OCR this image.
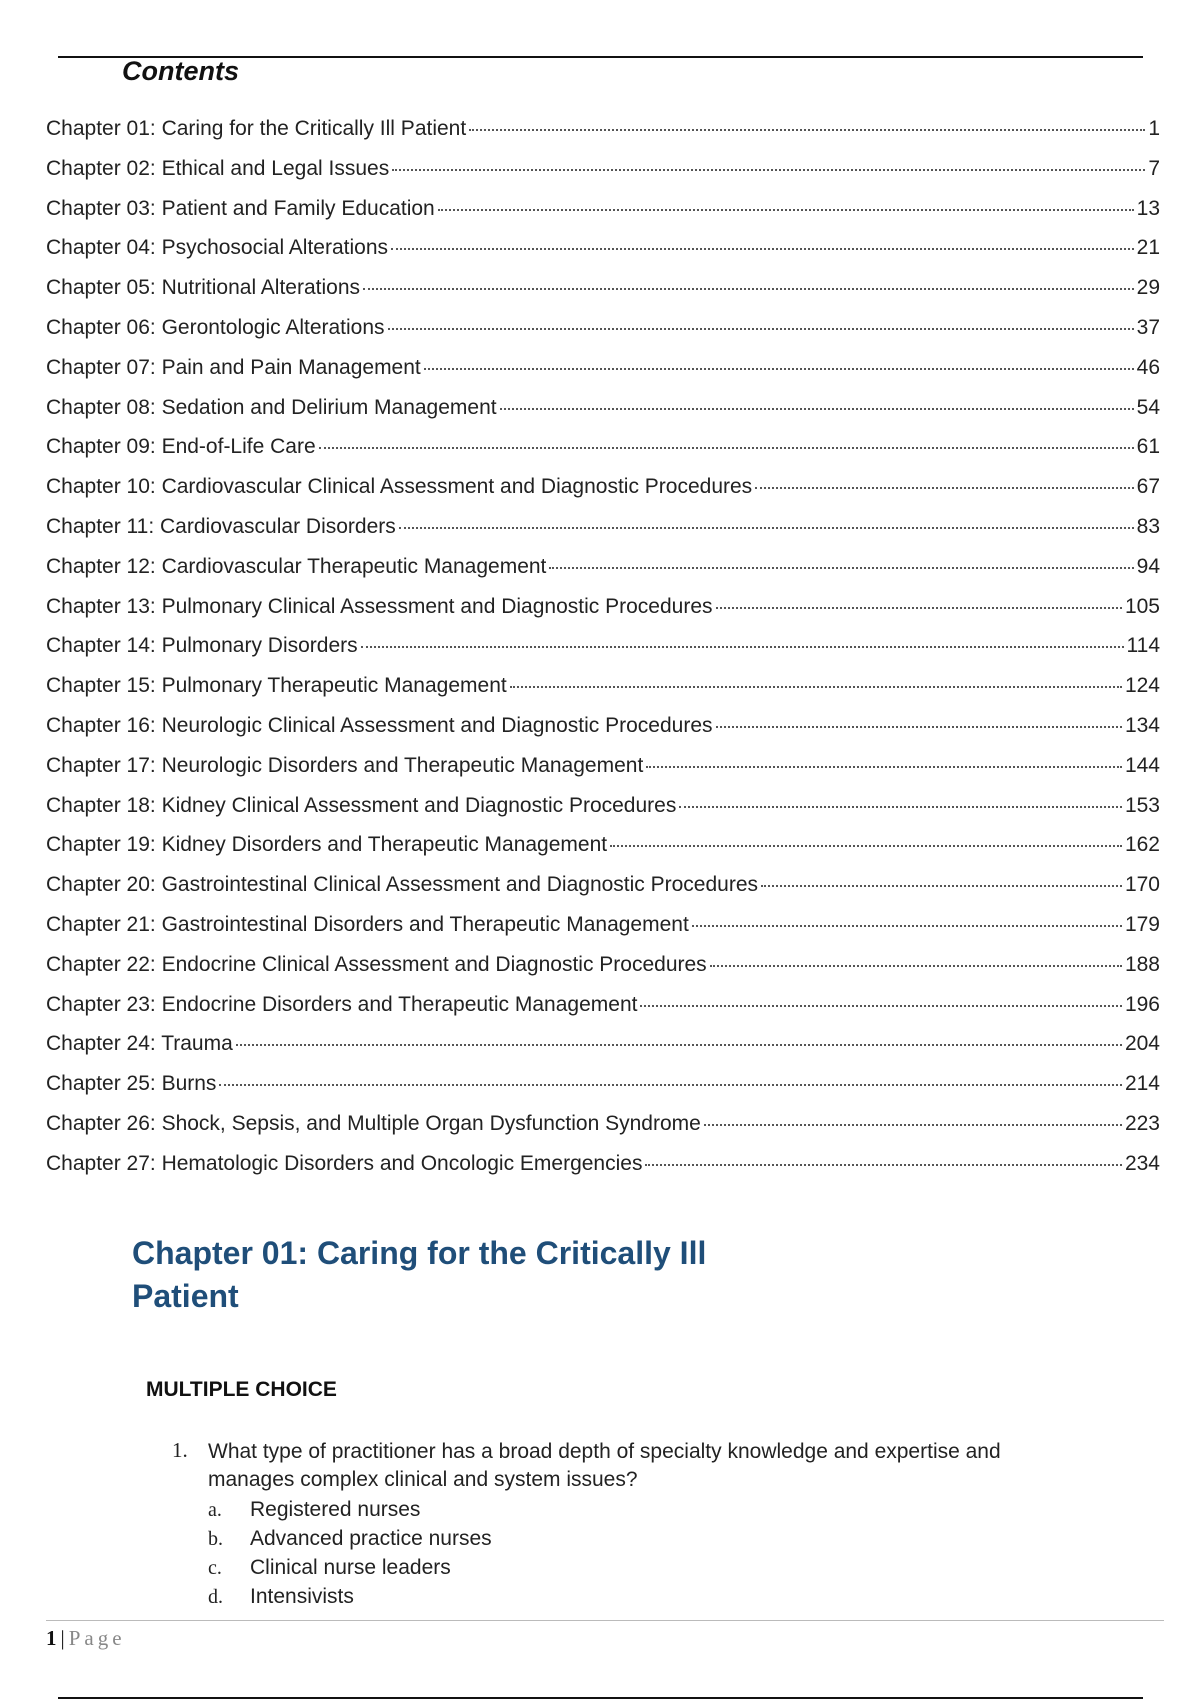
Contents
Chapter 01: Caring for the Critically Ill Patient	1
Chapter 02: Ethical and Legal Issues	7
Chapter 03: Patient and Family Education	13
Chapter 04: Psychosocial Alterations	21
Chapter 05: Nutritional Alterations	29
Chapter 06: Gerontologic Alterations	37
Chapter 07: Pain and Pain Management	46
Chapter 08: Sedation and Delirium Management	54
Chapter 09: End-of-Life Care	61
Chapter 10: Cardiovascular Clinical Assessment and Diagnostic Procedures	67
Chapter 11: Cardiovascular Disorders	83
Chapter 12: Cardiovascular Therapeutic Management	94
Chapter 13: Pulmonary Clinical Assessment and Diagnostic Procedures	105
Chapter 14: Pulmonary Disorders	114
Chapter 15: Pulmonary Therapeutic Management	124
Chapter 16: Neurologic Clinical Assessment and Diagnostic Procedures	134
Chapter 17: Neurologic Disorders and Therapeutic Management	144
Chapter 18: Kidney Clinical Assessment and Diagnostic Procedures	153
Chapter 19: Kidney Disorders and Therapeutic Management	162
Chapter 20: Gastrointestinal Clinical Assessment and Diagnostic Procedures	170
Chapter 21: Gastrointestinal Disorders and Therapeutic Management	179
Chapter 22: Endocrine Clinical Assessment and Diagnostic Procedures	188
Chapter 23: Endocrine Disorders and Therapeutic Management	196
Chapter 24: Trauma	204
Chapter 25: Burns	214
Chapter 26: Shock, Sepsis, and Multiple Organ Dysfunction Syndrome	223
Chapter 27: Hematologic Disorders and Oncologic Emergencies	234
Chapter 01: Caring for the Critically Ill Patient
MULTIPLE CHOICE
1. What type of practitioner has a broad depth of specialty knowledge and expertise and manages complex clinical and system issues?
a.	Registered nurses
b.	Advanced practice nurses
c.	Clinical nurse leaders
d.	Intensivists
1 | Page
